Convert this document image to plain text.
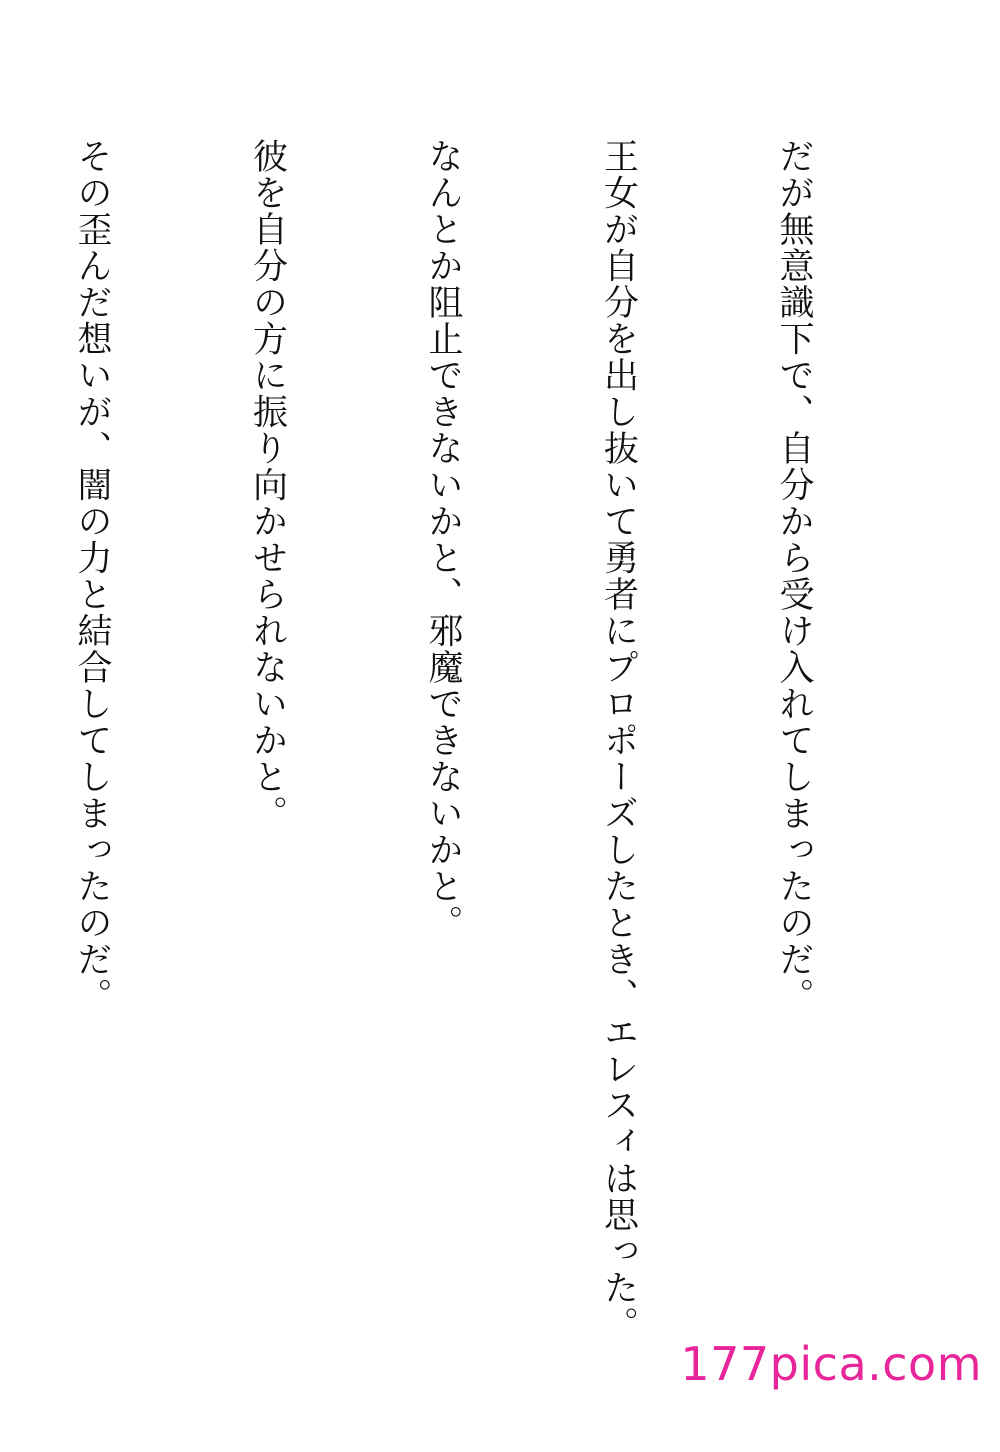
だが無意識下で、自分から受け入れてしまったのだ。

王女が自分を出し抜いて勇者にプロポーズしたとき、エレスィは思った。

なんとか阻止できないかと、邪魔できないかと。

彼を自分の方に振り向かせられないかと。

その歪んだ想いが、闇の力と結合してしまったのだ。

177pica.com
